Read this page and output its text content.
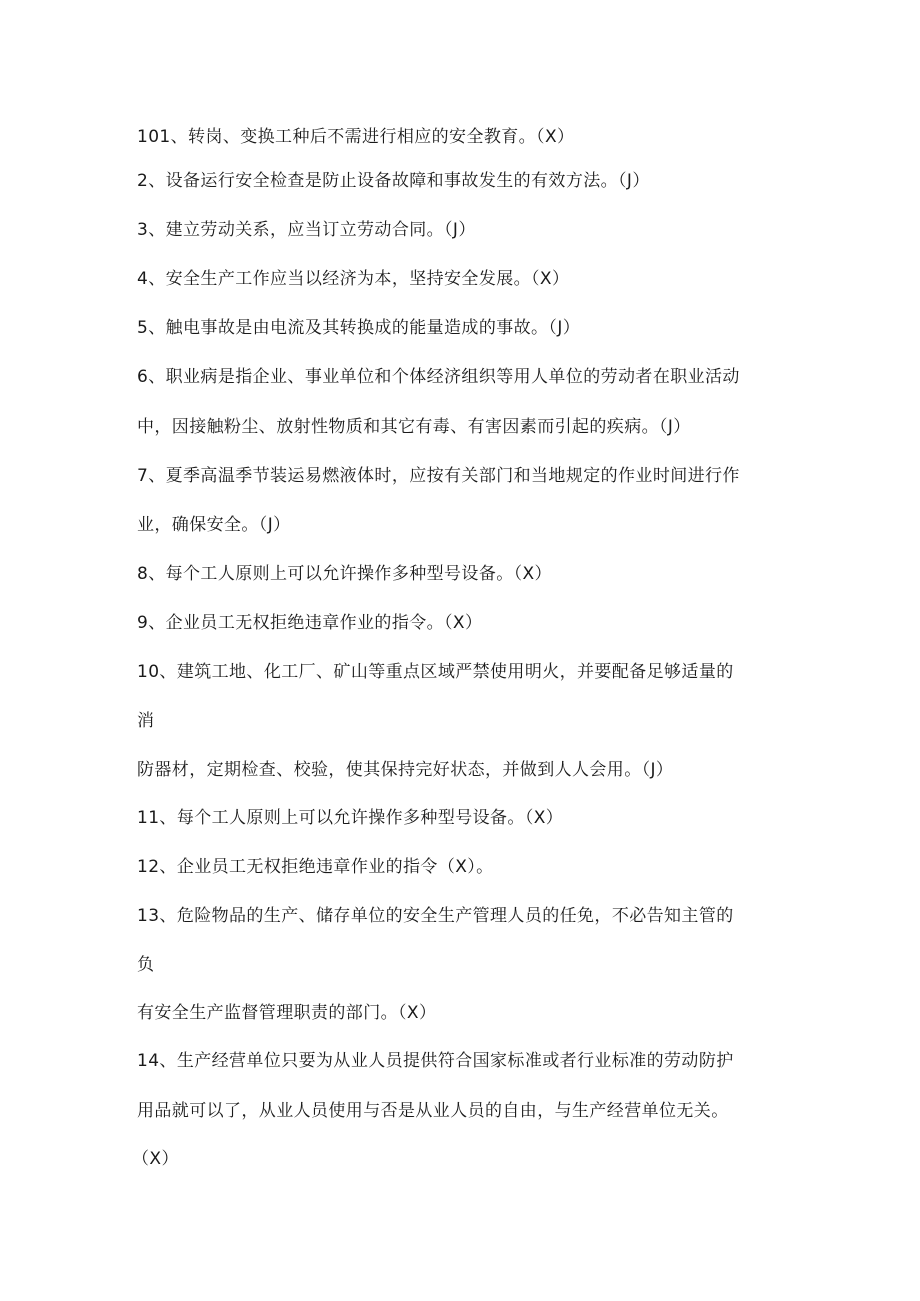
101、转岗、变换工种后不需进行相应的安全教育。（X）
2、设备运行安全检查是防止设备故障和事故发生的有效方法。（J）
3、建立劳动关系，应当订立劳动合同。（J）
4、安全生产工作应当以经济为本，坚持安全发展。（X）
5、触电事故是由电流及其转换成的能量造成的事故。（J）
6、职业病是指企业、事业单位和个体经济组织等用人单位的劳动者在职业活动
中，因接触粉尘、放射性物质和其它有毒、有害因素而引起的疾病。（J）
7、夏季高温季节装运易燃液体时，应按有关部门和当地规定的作业时间进行作
业，确保安全。（J）
8、每个工人原则上可以允许操作多种型号设备。（X）
9、企业员工无权拒绝违章作业的指令。（X）
10、建筑工地、化工厂、矿山等重点区域严禁使用明火，并要配备足够适量的
消
防器材，定期检查、校验，使其保持完好状态，并做到人人会用。（J）
11、每个工人原则上可以允许操作多种型号设备。（X）
12、企业员工无权拒绝违章作业的指令（X）。
13、危险物品的生产、储存单位的安全生产管理人员的任免，不必告知主管的
负
有安全生产监督管理职责的部门。（X）
14、生产经营单位只要为从业人员提供符合国家标准或者行业标准的劳动防护
用品就可以了，从业人员使用与否是从业人员的自由，与生产经营单位无关。
（X）
